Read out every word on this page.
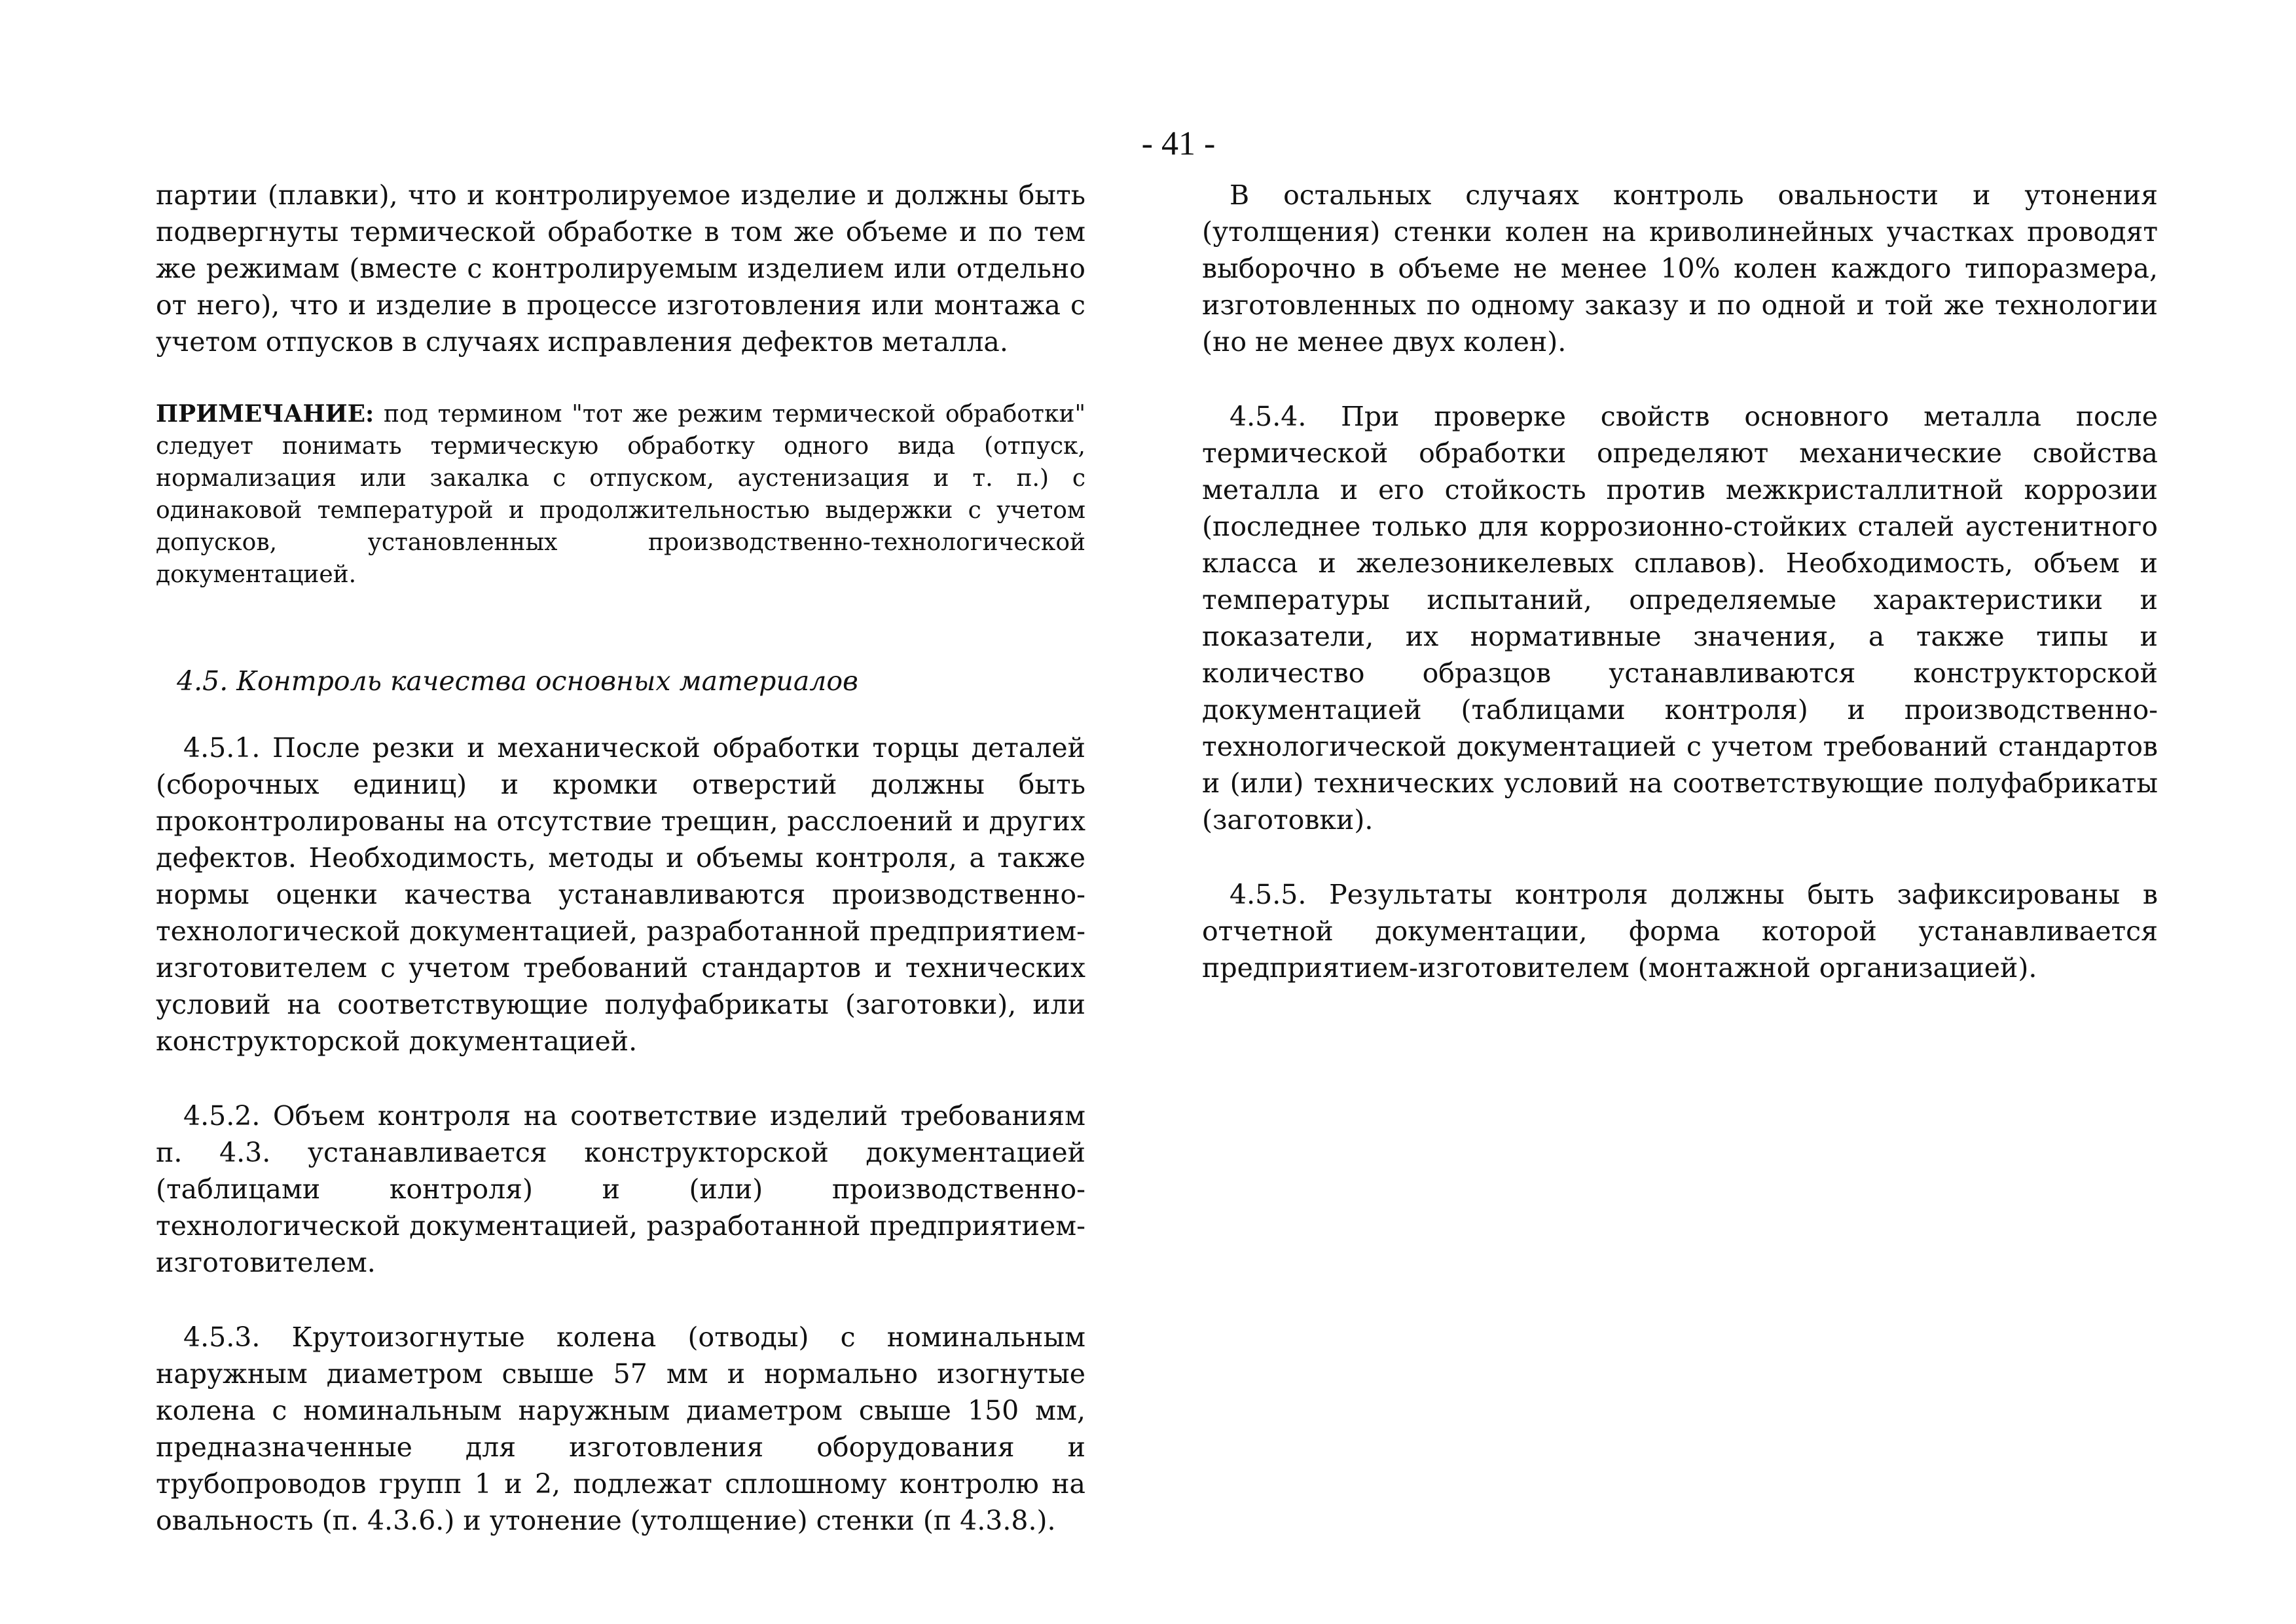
- 41 -

партии (плавки), что и контролируемое изделие и должны быть подвергнуты термической обработке в том же объеме и по тем же режимам (вместе с контролируемым изделием или отдельно от него), что и изделие в процессе изготовления или монтажа с учетом отпусков в случаях исправления дефектов металла.

ПРИМЕЧАНИЕ: под термином "тот же режим термической обработки" следует понимать термическую обработку одного вида (отпуск, нормализация или закалка с отпуском, аустенизация и т. п.) с одинаковой температурой и продолжительностью выдержки с учетом допусков, установленных производственно-технологической документацией.

4.5. Контроль качества основных материалов

4.5.1. После резки и механической обработки торцы деталей (сборочных единиц) и кромки отверстий должны быть проконтролированы на отсутствие трещин, расслоений и других дефектов. Необходимость, методы и объемы контроля, а также нормы оценки качества устанавливаются производственно-технологической документацией, разработанной предприятием-изготовителем с учетом требований стандартов и технических условий на соответствующие полуфабрикаты (заготовки), или конструкторской документацией.

4.5.2. Объем контроля на соответствие изделий требованиям п. 4.3. устанавливается конструкторской документацией (таблицами контроля) и (или) производственно-технологической документацией, разработанной предприятием-изготовителем.

4.5.3. Крутоизогнутые колена (отводы) с номинальным наружным диаметром свыше 57 мм и нормально изогнутые колена с номинальным наружным диаметром свыше 150 мм, предназначенные для изготовления оборудования и трубопроводов групп 1 и 2, подлежат сплошному контролю на овальность (п. 4.3.6.) и утонение (утолщение) стенки (п 4.3.8.).

В остальных случаях контроль овальности и утонения (утолщения) стенки колен на криволинейных участках проводят выборочно в объеме не менее 10% колен каждого типоразмера, изготовленных по одному заказу и по одной и той же технологии (но не менее двух колен).

4.5.4. При проверке свойств основного металла после термической обработки определяют механические свойства металла и его стойкость против межкристаллитной коррозии (последнее только для коррозионно-стойких сталей аустенитного класса и железоникелевых сплавов). Необходимость, объем и температуры испытаний, определяемые характеристики и показатели, их нормативные значения, а также типы и количество образцов устанавливаются конструкторской документацией (таблицами контроля) и производственно-технологической документацией с учетом требований стандартов и (или) технических условий на соответствующие полуфабрикаты (заготовки).

4.5.5. Результаты контроля должны быть зафиксированы в отчетной документации, форма которой устанавливается предприятием-изготовителем (монтажной организацией).
